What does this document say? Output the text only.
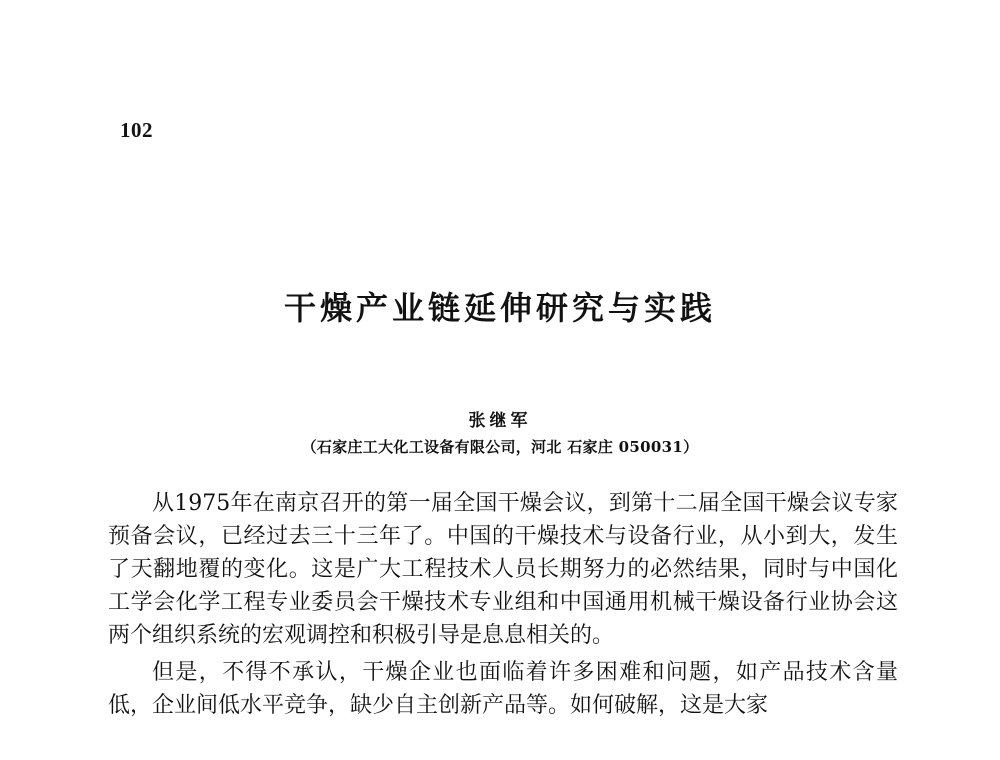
102
干燥产业链延伸研究与实践
张继军
（石家庄工大化工设备有限公司，河北 石家庄 050031）

从1975年在南京召开的第一届全国干燥会议，到第十二届全国干燥会议专家预备会议，已经过去三十三年了。中国的干燥技术与设备行业，从小到大，发生了天翻地覆的变化。这是广大工程技术人员长期努力的必然结果，同时与中国化工学会化学工程专业委员会干燥技术专业组和中国通用机械干燥设备行业协会这两个组织系统的宏观调控和积极引导是息息相关的。

但是，不得不承认，干燥企业也面临着许多困难和问题，如产品技术含量低，企业间低水平竞争，缺少自主创新产品等。如何破解，这是大家
